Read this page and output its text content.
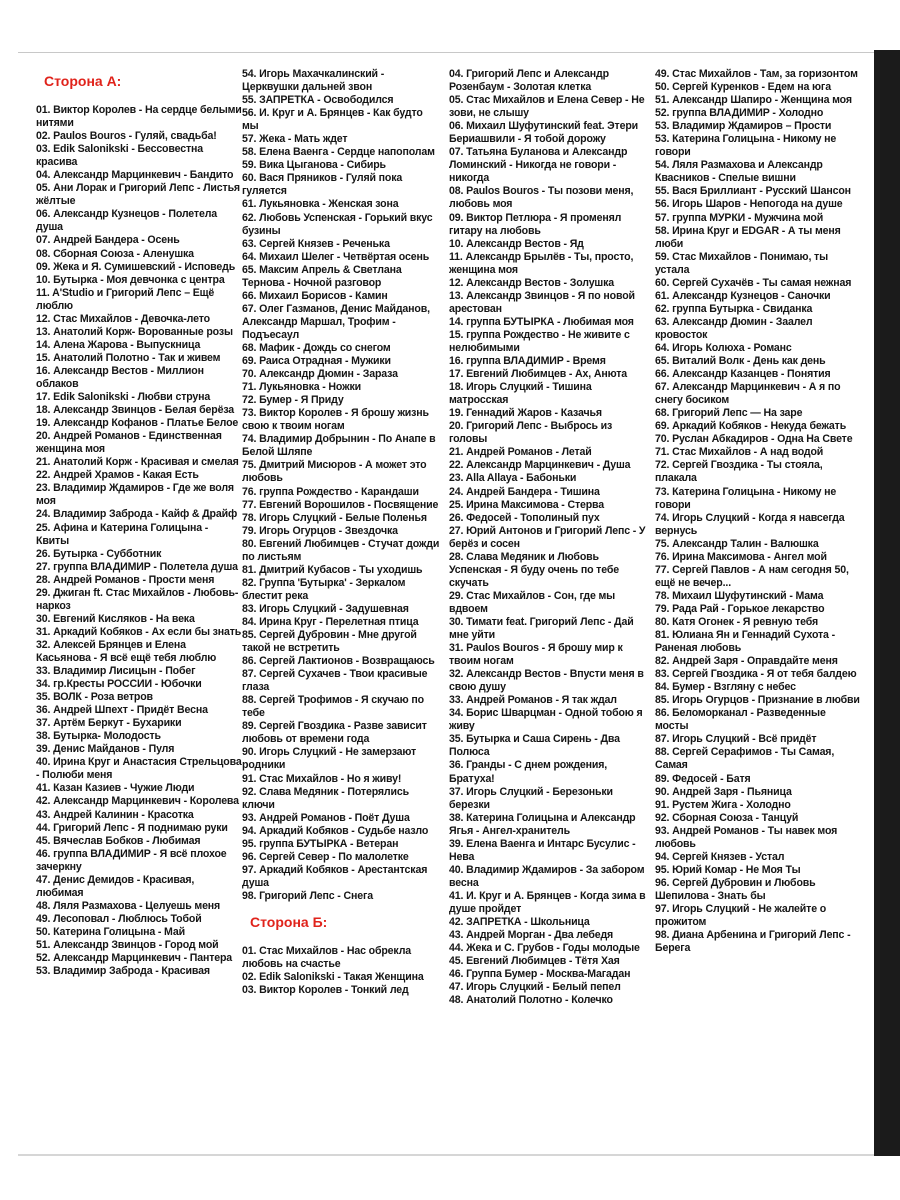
Сторона А:
01. Виктор Королев - На сердце белыми нитями
02. Paulos Bouros - Гуляй, свадьба!
03. Edik Salonikski - Бессовестна красива
04. Александр Марцинкевич - Бандито
05. Ани Лорак и Григорий Лепс - Листья жёлтые
06. Александр Кузнецов - Полетела душа
07. Андрей Бандера - Осень
08. Сборная Союза - Аленушка
09. Жека и Я. Сумишевский - Исповедь
10. Бутырка - Моя девчонка с центра
11. A'Studio и Григорий Лепс – Ещё люблю
12. Стас Михайлов - Девочка-лето
13. Анатолий Корж- Ворованные розы
14. Алена Жарова - Выпускница
15. Анатолий Полотно - Так и живем
16. Александр Вестов - Миллион облаков
17. Edik Salonikski - Любви струна
18. Александр Звинцов - Белая берёза
19. Александр Кофанов - Платье Белое
20. Андрей Романов - Единственная женщина моя
21. Анатолий Корж - Красивая и смелая
22. Андрей Храмов - Какая Есть
23. Владимир Ждамиров - Где же воля моя
24. Владимир Заброда - Кайф & Драйф
25. Афина и Катерина Голицына - Квиты
26. Бутырка - Субботник
27. группа ВЛАДИМИР - Полетела душа
28. Андрей Романов - Прости меня
29. Джиган ft. Стас Михайлов - Любовь-наркоз
30. Евгений Кисляков - На века
31. Аркадий Кобяков - Ах если бы знать
32. Алексей Брянцев и Елена Касьянова - Я всё ещё тебя люблю
33. Владимир Лисицын - Побег
34. гр.Кресты РОССИИ - Юбочки
35. ВОЛК - Роза ветров
36. Андрей Шпехт - Придёт Весна
37. Артём Беркут - Бухарики
38. Бутырка- Молодость
39. Денис Майданов - Пуля
40. Ирина Круг и Анастасия Стрельцова - Полюби меня
41. Казан Казиев - Чужие Люди
42. Александр Марцинкевич - Королева
43. Андрей Калинин - Красотка
44. Григорий Лепс - Я поднимаю руки
45. Вячеслав Бобков - Любимая
46. группа ВЛАДИМИР - Я всё плохое зачеркну
47. Денис Демидов - Красивая, любимая
48. Ляля Размахова - Целуешь меня
49. Лесоповал - Люблюсь Тобой
50. Катерина Голицына - Май
51. Александр Звинцов - Город мой
52. Александр Марцинкевич - Пантера
53. Владимир Заброда - Красивая
54. Игорь Махачкалинский - Церквушки дальней звон
55. ЗАПРЕТКА - Освободился
56. И. Круг и А. Брянцев - Как будто мы
57. Жека - Мать ждет
58. Елена Ваенга - Сердце напополам
59. Вика Цыганова - Сибирь
60. Вася Пряников - Гуляй пока гуляется
61. Лукьяновка - Женская зона
62. Любовь Успенская - Горький вкус бузины
63. Сергей Князев - Реченька
64. Михаил Шелег - Четвёртая осень
65. Максим Апрель & Светлана Тернова - Ночной разговор
66. Михаил Борисов - Камин
67. Олег Газманов, Денис Майданов, Александр Маршал, Трофим - Подъесаул
68. Мафик - Дождь со снегом
69. Раиса Отрадная - Мужики
70. Александр Дюмин - Зараза
71. Лукьяновка - Ножки
72. Бумер - Я Приду
73. Виктор Королев - Я брошу жизнь свою к твоим ногам
74. Владимир Добрынин - По Анапе в Белой Шляпе
75. Дмитрий Мисюров - А может это любовь
76. группа Рождество - Карандаши
77. Евгений Ворошилов - Посвящение
78. Игорь Слуцкий - Белые Поленья
79. Игорь Огурцов - Звездочка
80. Евгений Любимцев - Стучат дожди по листьям
81. Дмитрий Кубасов - Ты уходишь
82. Группа 'Бутырка' - Зеркалом блестит река
83. Игорь Слуцкий - Задушевная
84. Ирина Круг - Перелетная птица
85. Сергей Дубровин - Мне другой такой не встретить
86. Сергей Лактионов - Возвращаюсь
87. Сергей Сухачев - Твои красивые глаза
88. Сергей Трофимов - Я скучаю по тебе
89. Сергей Гвоздика - Разве зависит любовь от времени года
90. Игорь Слуцкий - Не замерзают родники
91. Стас Михайлов - Но я живу!
92. Слава Медяник - Потерялись ключи
93. Андрей Романов - Поёт Душа
94. Аркадий Кобяков - Судьбе назло
95. группа БУТЫРКА - Ветеран
96. Сергей Север - По малолетке
97. Аркадий Кобяков - Арестантская душа
98. Григорий Лепс - Снега
Сторона Б:
01. Стас Михайлов - Нас обрекла любовь на счастье
02. Edik Salonikski - Такая Женщина
03. Виктор Королев - Тонкий лед
04. Григорий Лепс и Александр Розенбаум - Золотая клетка
05. Стас Михайлов и Елена Север - Не зови, не слышу
06. Михаил Шуфутинский feat. Этери Бериашвили - Я тобой дорожу
07. Татьяна Буланова и Александр Ломинский - Никогда не говори - никогда
08. Paulos Bouros - Ты позови меня, любовь моя
09. Виктор Петлюра - Я променял гитару на любовь
10. Александр Вестов - Яд
11. Александр Брылёв - Ты, просто, женщина моя
12. Александр Вестов - Золушка
13. Александр Звинцов - Я по новой арестован
14. группа БУТЫРКА - Любимая моя
15. группа Рождество - Не живите с нелюбимыми
16. группа ВЛАДИМИР - Время
17. Евгений Любимцев - Ах, Анюта
18. Игорь Слуцкий - Тишина матросская
19. Геннадий Жаров - Казачья
20. Григорий Лепс - Выбрось из головы
21. Андрей Романов - Летай
22. Александр Марцинкевич - Душа
23. Alla Allaya - Бабоньки
24. Андрей Бандера - Тишина
25. Ирина Максимова - Стерва
26. Федосей - Тополиный пух
27. Юрий Антонов и Григорий Лепс - У берёз и сосен
28. Слава Медяник и Любовь Успенская - Я буду очень по тебе скучать
29. Стас Михайлов - Сон, где мы вдвоем
30. Тимати feat. Григорий Лепс - Дай мне уйти
31. Paulos Bouros - Я брошу мир к твоим ногам
32. Александр Вестов - Впусти меня в свою душу
33. Андрей Романов - Я так ждал
34. Борис Шварцман - Одной тобою я живу
35. Бутырка и Саша Сирень - Два Полюса
36. Гранды - С днем рождения, Братуха!
37. Игорь Слуцкий - Березоньки березки
38. Катерина Голицына и Александр Ягья - Ангел-хранитель
39. Елена Ваенга и Интарс Бусулис - Нева
40. Владимир Ждамиров - За забором весна
41. И. Круг и А. Брянцев - Когда зима в душе пройдет
42. ЗАПРЕТКА - Школьница
43. Андрей Морган - Два лебедя
44. Жека и С. Грубов - Годы молодые
45. Евгений Любимцев - Тётя Хая
46. Группа Бумер - Москва-Магадан
47. Игорь Слуцкий - Белый пепел
48. Анатолий Полотно - Колечко
49. Стас Михайлов - Там, за горизонтом
50. Сергей Куренков - Едем на юга
51. Александр Шапиро - Женщина моя
52. группа ВЛАДИМИР - Холодно
53. Владимир Ждамиров – Прости
53. Катерина Голицына - Никому не говори
54. Ляля Размахова и Александр Квасников - Спелые вишни
55. Вася Бриллиант - Русский Шансон
56. Игорь Шаров - Непогода на душе
57. группа МУРКИ - Мужчина мой
58. Ирина Круг и EDGAR - А ты меня люби
59. Стас Михайлов - Понимаю, ты устала
60. Сергей Сухачёв - Ты самая нежная
61. Александр Кузнецов - Саночки
62. группа Бутырка - Свиданка
63. Александр Дюмин - Заалел кровосток
64. Игорь Колюха - Романс
65. Виталий Волк - День как день
66. Александр Казанцев - Понятия
67. Александр Марцинкевич - А я по снегу босиком
68. Григорий Лепс — На заре
69. Аркадий Кобяков - Некуда бежать
70. Руслан Абкадиров - Одна На Свете
71. Стас Михайлов - А над водой
72. Сергей Гвоздика - Ты стояла, плакала
73. Катерина Голицына - Никому не говори
74. Игорь Слуцкий - Когда я навсегда вернусь
75. Александр Талин - Валюшка
76. Ирина Максимова - Ангел мой
77. Сергей Павлов - А нам сегодня 50, ещё не вечер...
78. Михаил Шуфутинский - Мама
79. Рада Рай - Горькое лекарство
80. Катя Огонек - Я ревную тебя
81. Юлиана Ян и Геннадий Сухота - Раненая любовь
82. Андрей Заря - Оправдайте меня
83. Сергей Гвоздика - Я от тебя балдею
84. Бумер - Взгляну с небес
85. Игорь Огурцов - Признание в любви
86. Беломорканал - Разведенные мосты
87. Игорь Слуцкий - Всё придёт
88. Сергей Серафимов - Ты Самая, Самая
89. Федосей - Батя
90. Андрей Заря - Пьяница
91. Рустем Жига - Холодно
92. Сборная Союза - Танцуй
93. Андрей Романов - Ты навек моя любовь
94. Сергей Князев - Устал
95. Юрий Комар - Не Моя Ты
96. Сергей Дубровин и Любовь Шепилова - Знать бы
97. Игорь Слуцкий - Не жалейте о прожитом
98. Диана Арбенина и Григорий Лепс - Берега
